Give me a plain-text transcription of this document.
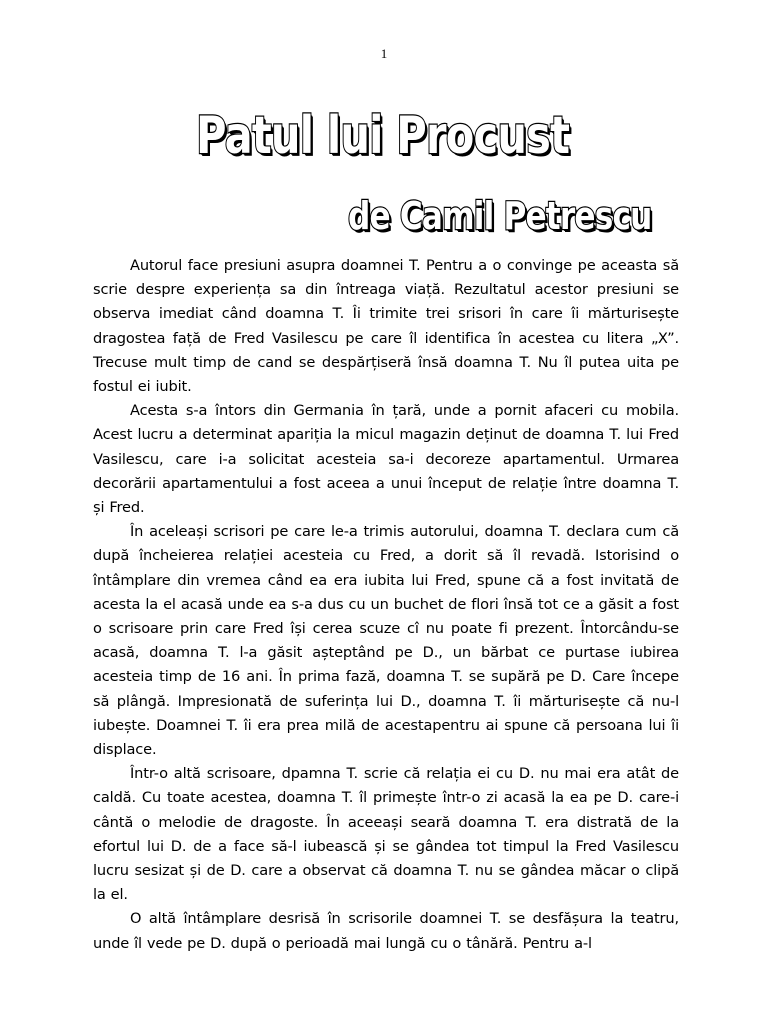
1
Patul lui Procust
de Camil Petrescu

Autorul face presiuni asupra doamnei T. Pentru a o convinge pe aceasta să scrie despre experiența sa din întreaga viață. Rezultatul acestor presiuni se observa imediat când doamna T. Îi trimite trei srisori în care îi mărturisește dragostea față de Fred Vasilescu pe care îl identifica în acestea cu litera „X”. Trecuse mult timp de cand se despărțiseră însă doamna T. Nu îl putea uita pe fostul ei iubit.

Acesta s-a întors din Germania în țară, unde a pornit afaceri cu mobila. Acest lucru a determinat apariția la micul magazin deținut de doamna T. lui Fred Vasilescu, care i-a solicitat acesteia sa-i decoreze apartamentul. Urmarea decorării apartamentului a fost aceea a unui început de relație între doamna T. și Fred.

În aceleași scrisori pe care le-a trimis autorului, doamna T. declara cum că după încheierea relației acesteia cu Fred, a dorit să îl revadă. Istorisind o întâmplare din vremea când ea era iubita lui Fred, spune că a fost invitată de acesta la el acasă unde ea s-a dus cu un buchet de flori însă tot ce a găsit a fost o scrisoare prin care Fred își cerea scuze cî nu poate fi prezent. Întorcându-se acasă, doamna T. l-a găsit așteptând pe D., un bărbat ce purtase iubirea acesteia timp de 16 ani. În prima fază, doamna T. se supără pe D. Care începe să plângă. Impresionată de suferința lui D., doamna T. îi mărturisește că nu-l iubește. Doamnei T. îi era prea milă de acestapentru ai spune că persoana lui îi displace.

Într-o altă scrisoare, dpamna T. scrie că relația ei cu D. nu mai era atât de caldă. Cu toate acestea, doamna T. îl primește într-o zi acasă la ea pe D. care-i cântă o melodie de dragoste. În aceeași seară doamna T. era distrată de la efortul lui D. de a face să-l iubească și se gândea tot timpul la Fred Vasilescu lucru sesizat și de D. care a observat că doamna T. nu se gândea măcar o clipă la el.

O altă întâmplare desrisă în scrisorile doamnei T. se desfășura la teatru, unde îl vede pe D. după o perioadă mai lungă cu o tânără. Pentru a-l
